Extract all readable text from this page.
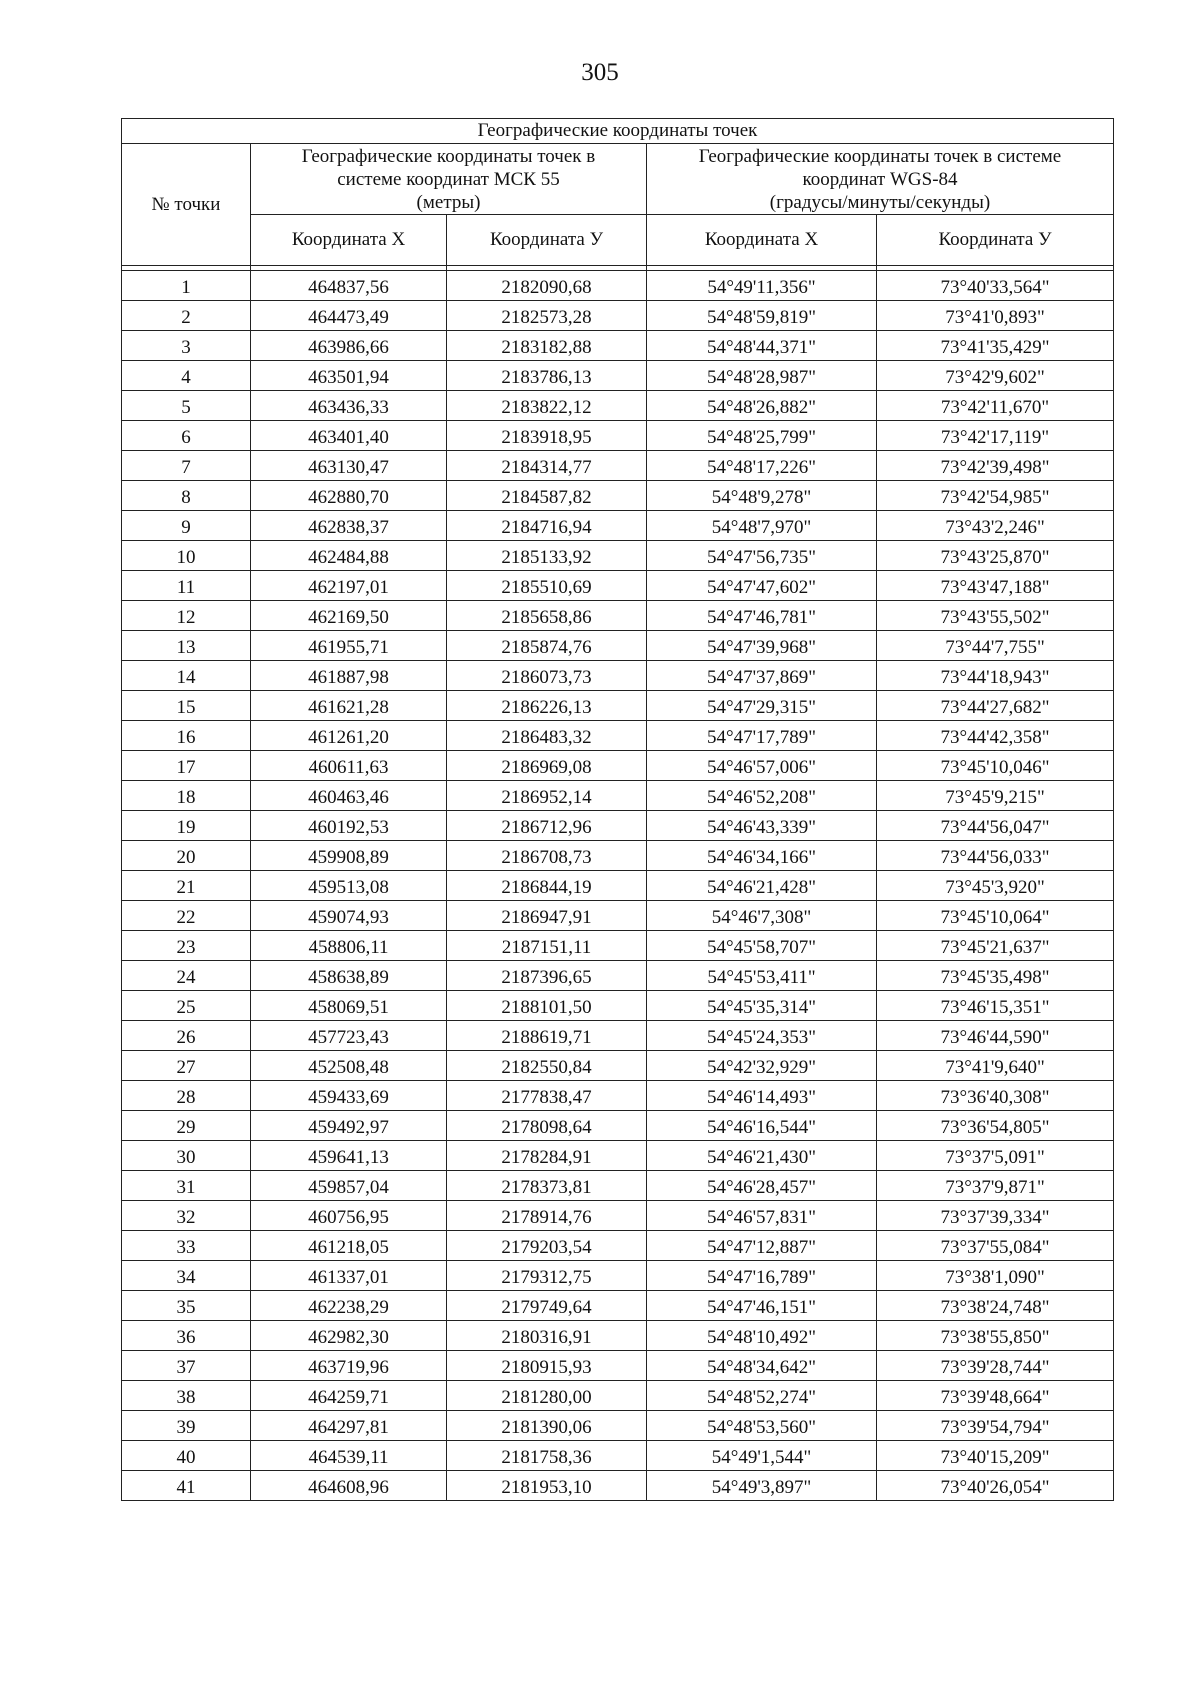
305
Географические координаты точек				
№ точки	Географические координаты точек в
системе координат МСК 55
(метры)		Географические координаты точек в системе
координат WGS-84
(градусы/минуты/секунды)	

	Координата X	Координата У	Координата X	Координата У

1	464837,56	2182090,68	54°49'11,356"	73°40'33,564"
2	464473,49	2182573,28	54°48'59,819"	73°41'0,893"
3	463986,66	2183182,88	54°48'44,371"	73°41'35,429"
4	463501,94	2183786,13	54°48'28,987"	73°42'9,602"
5	463436,33	2183822,12	54°48'26,882"	73°42'11,670"
6	463401,40	2183918,95	54°48'25,799"	73°42'17,119"
7	463130,47	2184314,77	54°48'17,226"	73°42'39,498"
8	462880,70	2184587,82	54°48'9,278"	73°42'54,985"
9	462838,37	2184716,94	54°48'7,970"	73°43'2,246"
10	462484,88	2185133,92	54°47'56,735"	73°43'25,870"
11	462197,01	2185510,69	54°47'47,602"	73°43'47,188"
12	462169,50	2185658,86	54°47'46,781"	73°43'55,502"
13	461955,71	2185874,76	54°47'39,968"	73°44'7,755"
14	461887,98	2186073,73	54°47'37,869"	73°44'18,943"
15	461621,28	2186226,13	54°47'29,315"	73°44'27,682"
16	461261,20	2186483,32	54°47'17,789"	73°44'42,358"
17	460611,63	2186969,08	54°46'57,006"	73°45'10,046"
18	460463,46	2186952,14	54°46'52,208"	73°45'9,215"
19	460192,53	2186712,96	54°46'43,339"	73°44'56,047"
20	459908,89	2186708,73	54°46'34,166"	73°44'56,033"
21	459513,08	2186844,19	54°46'21,428"	73°45'3,920"
22	459074,93	2186947,91	54°46'7,308"	73°45'10,064"
23	458806,11	2187151,11	54°45'58,707"	73°45'21,637"
24	458638,89	2187396,65	54°45'53,411"	73°45'35,498"
25	458069,51	2188101,50	54°45'35,314"	73°46'15,351"
26	457723,43	2188619,71	54°45'24,353"	73°46'44,590"
27	452508,48	2182550,84	54°42'32,929"	73°41'9,640"
28	459433,69	2177838,47	54°46'14,493"	73°36'40,308"
29	459492,97	2178098,64	54°46'16,544"	73°36'54,805"
30	459641,13	2178284,91	54°46'21,430"	73°37'5,091"
31	459857,04	2178373,81	54°46'28,457"	73°37'9,871"
32	460756,95	2178914,76	54°46'57,831"	73°37'39,334"
33	461218,05	2179203,54	54°47'12,887"	73°37'55,084"
34	461337,01	2179312,75	54°47'16,789"	73°38'1,090"
35	462238,29	2179749,64	54°47'46,151"	73°38'24,748"
36	462982,30	2180316,91	54°48'10,492"	73°38'55,850"
37	463719,96	2180915,93	54°48'34,642"	73°39'28,744"
38	464259,71	2181280,00	54°48'52,274"	73°39'48,664"
39	464297,81	2181390,06	54°48'53,560"	73°39'54,794"
40	464539,11	2181758,36	54°49'1,544"	73°40'15,209"
41	464608,96	2181953,10	54°49'3,897"	73°40'26,054"
